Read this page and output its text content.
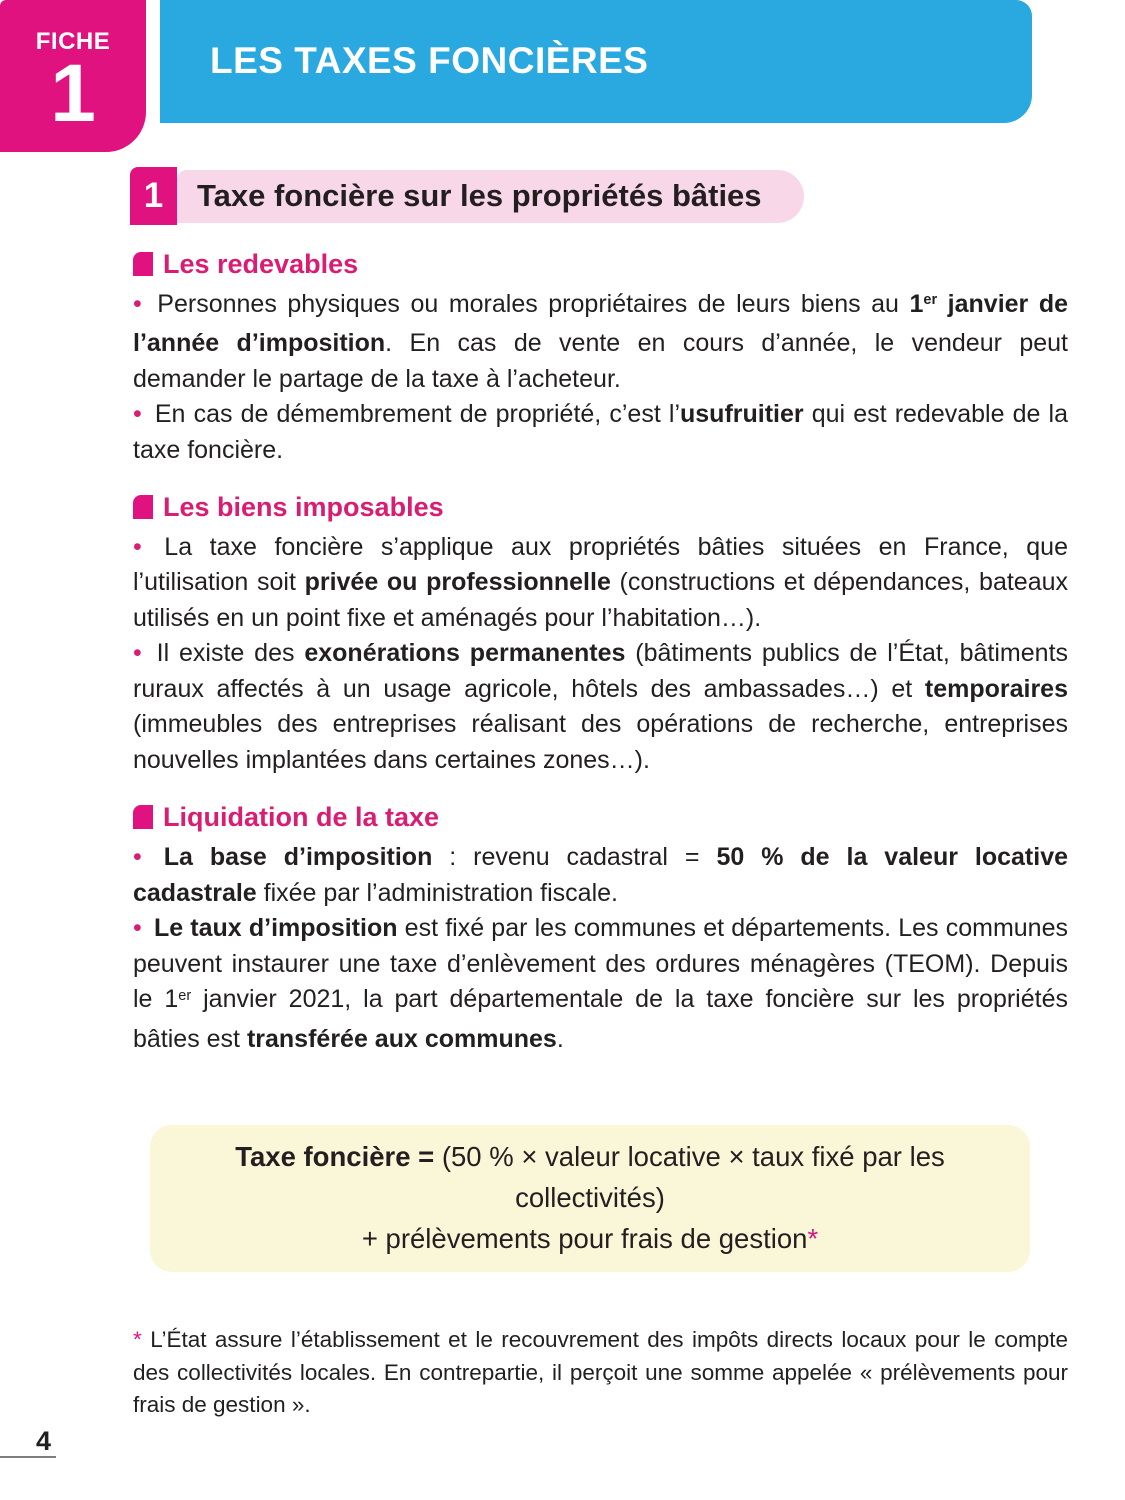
FICHE
1	LES TAXES FONCIÈRES
1	Taxe foncière sur les propriétés bâties
Les redevables

• Personnes physiques ou morales propriétaires de leurs biens au 1er janvier de l’année d’imposition. En cas de vente en cours d’année, le vendeur peut demander le partage de la taxe à l’acheteur.

• En cas de démembrement de propriété, c’est l’usufruitier qui est redevable de la taxe foncière.

Les biens imposables

• La taxe foncière s’applique aux propriétés bâties situées en France, que l’utilisation soit privée ou professionnelle (constructions et dépendances, bateaux utilisés en un point fixe et aménagés pour l’habitation…).

• Il existe des exonérations permanentes (bâtiments publics de l’État, bâtiments ruraux affectés à un usage agricole, hôtels des ambassades…) et temporaires (immeubles des entreprises réalisant des opérations de recherche, entreprises nouvelles implantées dans certaines zones…).

Liquidation de la taxe

• La base d’imposition : revenu cadastral = 50 % de la valeur locative cadastrale fixée par l’administration fiscale.

• Le taux d’imposition est fixé par les communes et départements. Les communes peuvent instaurer une taxe d’enlèvement des ordures ménagères (TEOM). Depuis le 1er janvier 2021, la part départementale de la taxe foncière sur les propriétés bâties est transférée aux communes.

Taxe foncière = (50 % × valeur locative × taux fixé par les collectivités)
+ prélèvements pour frais de gestion*
* L’État assure l’établissement et le recouvrement des impôts directs locaux pour le compte des collectivités locales. En contrepartie, il perçoit une somme appelée « prélèvements pour frais de gestion ».
4
